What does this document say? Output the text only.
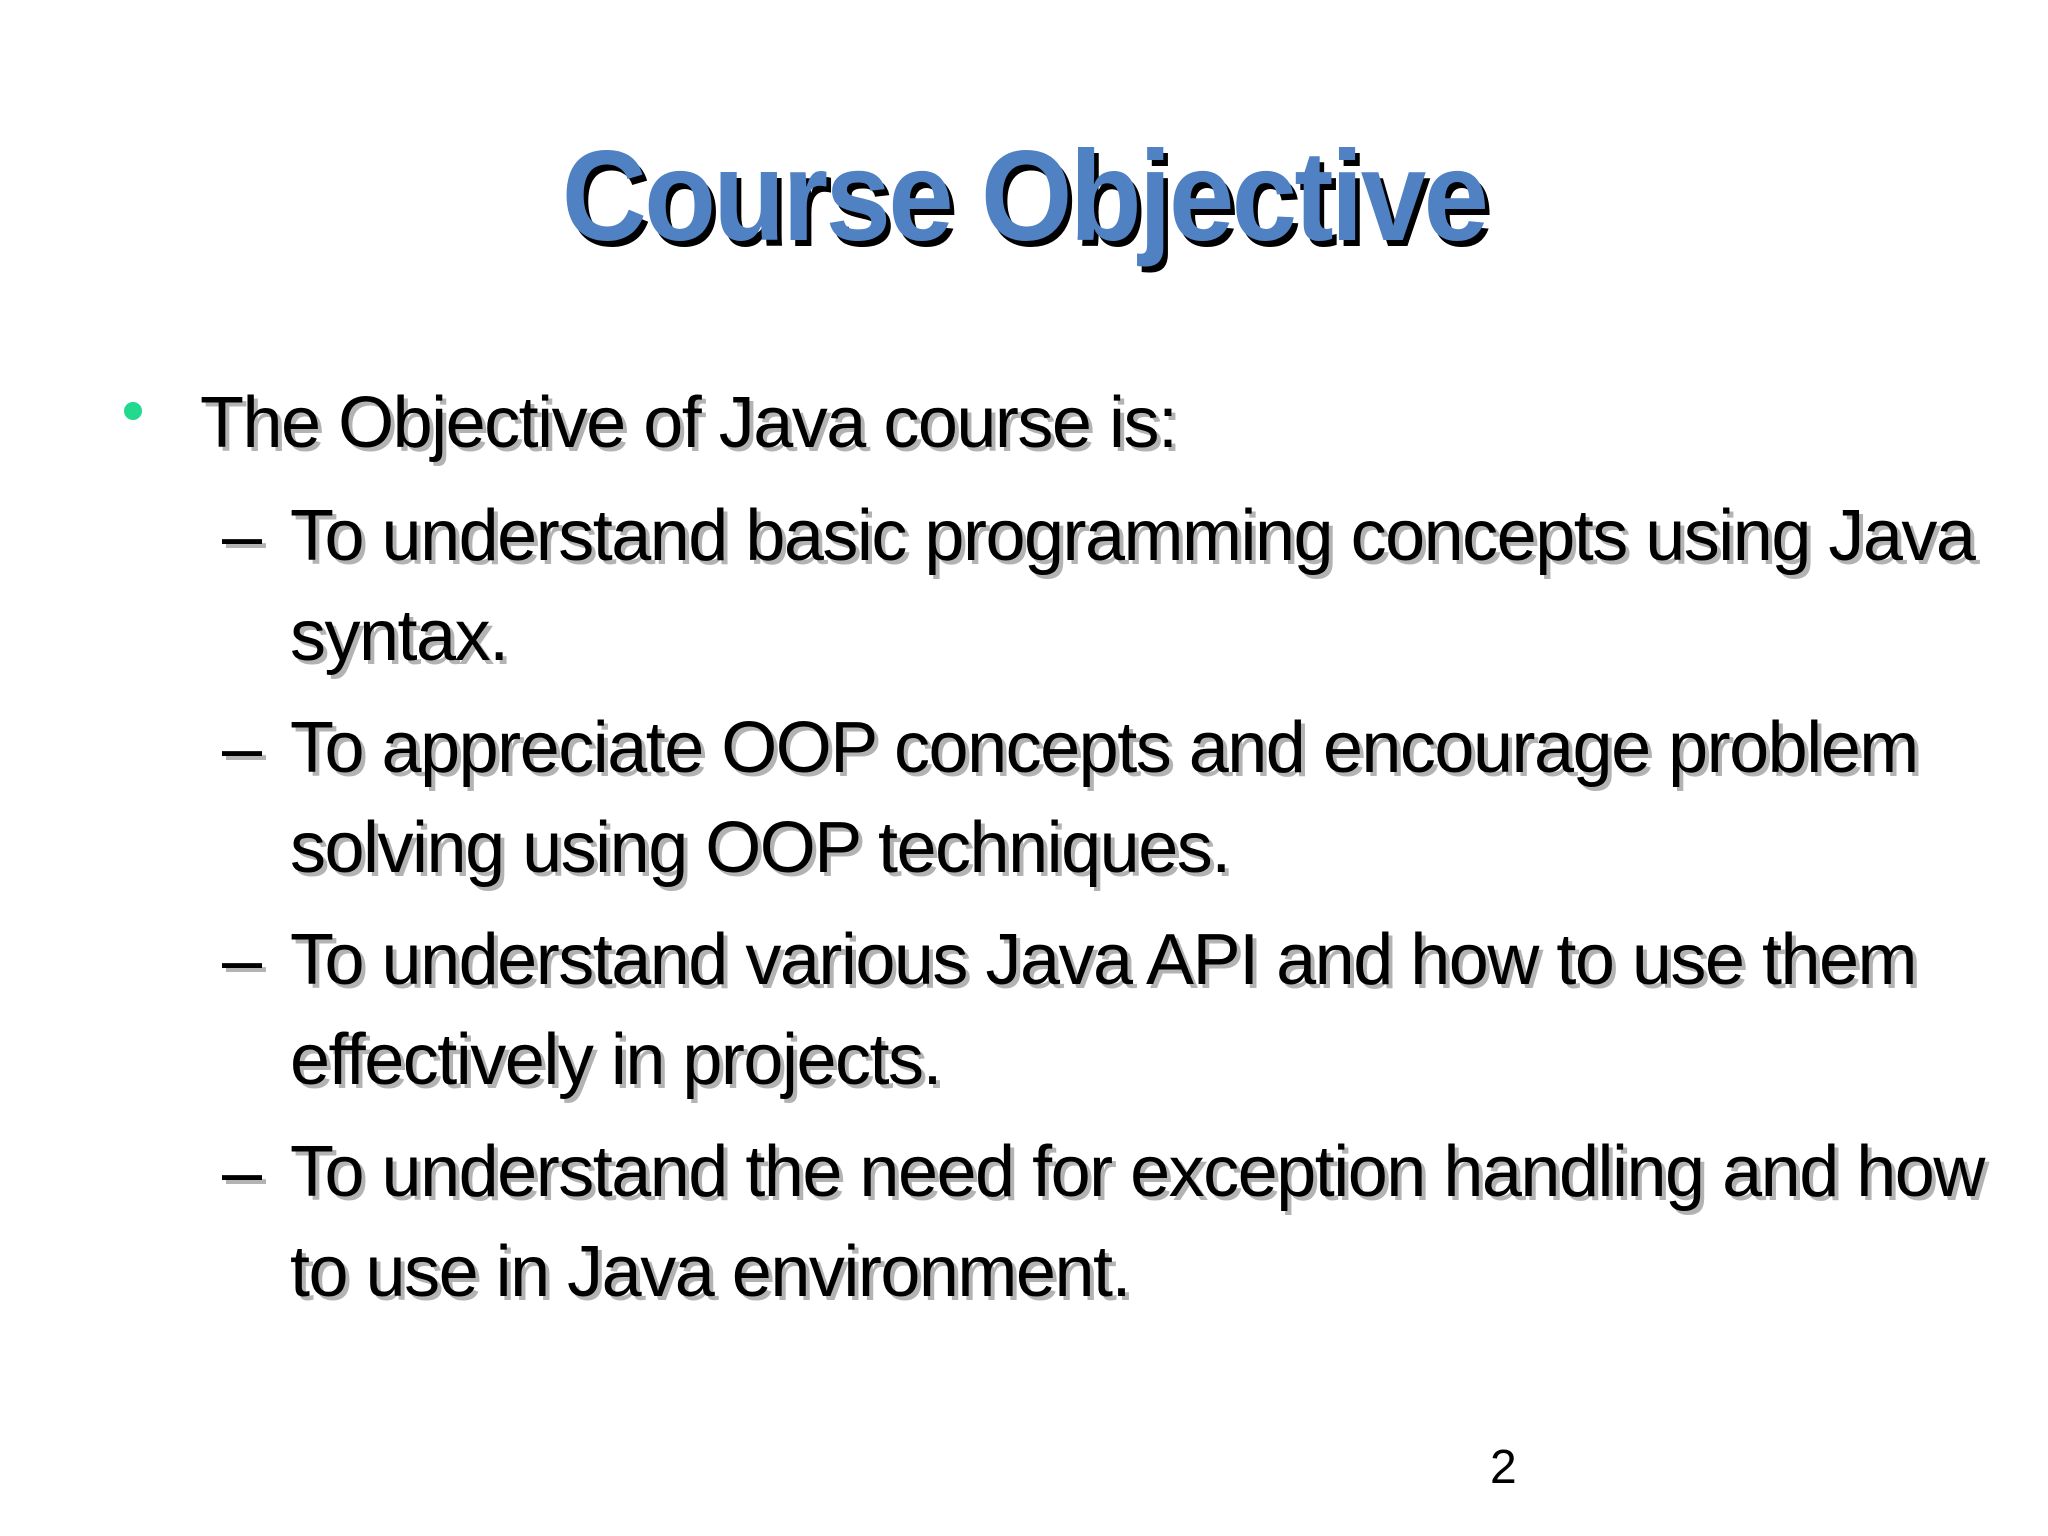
Course Objective
The Objective of Java course is:
– To understand basic programming concepts using Java
syntax.
– To appreciate OOP concepts and encourage problem
solving using OOP techniques.
– To understand various Java API and how to use them
effectively in projects.
– To understand the need for exception handling and how
to use in Java environment.
2
